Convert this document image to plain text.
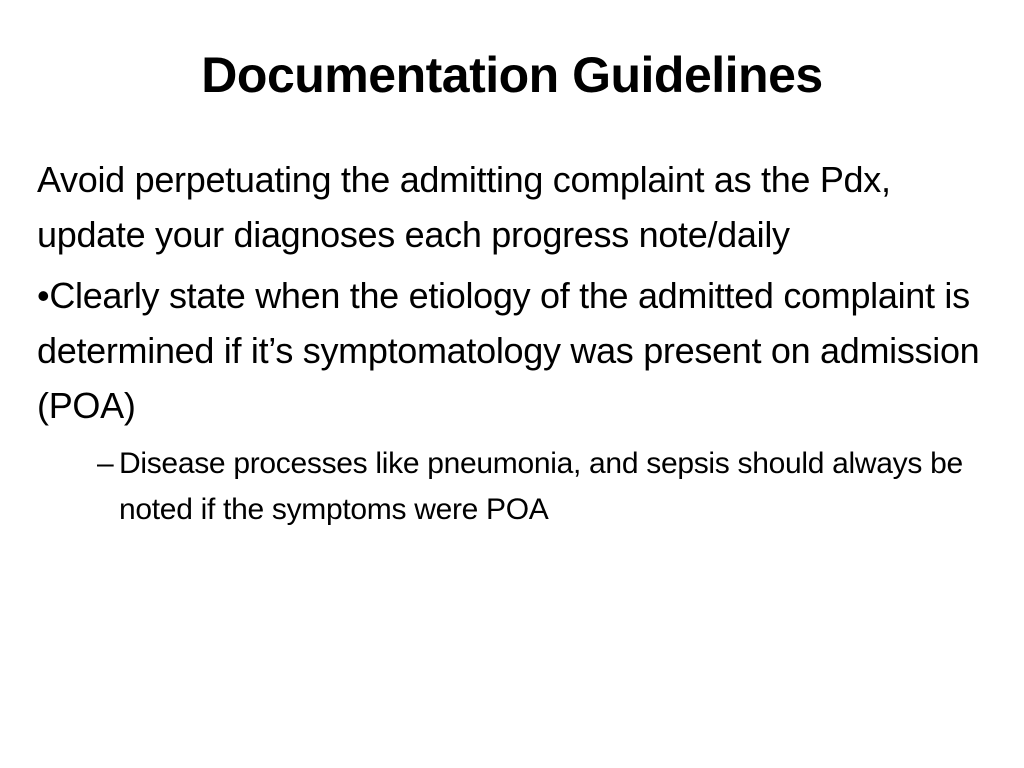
Documentation Guidelines

Avoid perpetuating the admitting complaint as the Pdx, update your diagnoses each progress note/daily

•Clearly state when the etiology of the admitted complaint is determined if it’s symptomatology was present on admission (POA)

– Disease processes like pneumonia, and sepsis should always be noted if the symptoms were POA
